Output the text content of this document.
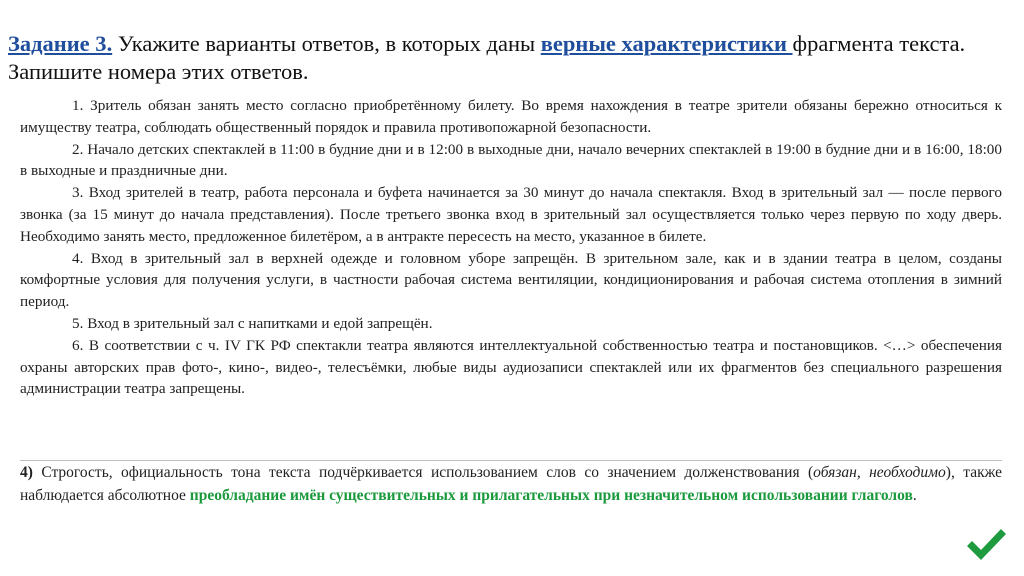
Задание 3. Укажите варианты ответов, в которых даны верные характеристики фрагмента текста. Запишите номера этих ответов.

1. Зритель обязан занять место согласно приобретённому билету. Во время нахождения в театре зрители обязаны бережно относиться к имуществу театра, соблюдать общественный порядок и правила противопожарной безопасности.

2. Начало детских спектаклей в 11:00 в будние дни и в 12:00 в выходные дни, начало вечерних спектаклей в 19:00 в будние дни и в 16:00, 18:00 в выходные и праздничные дни.

3. Вход зрителей в театр, работа персонала и буфета начинается за 30 минут до начала спектакля. Вход в зрительный зал — после первого звонка (за 15 минут до начала представления). После третьего звонка вход в зрительный зал осуществляется только через первую по ходу дверь. Необходимо занять место, предложенное билетёром, а в антракте пересесть на место, указанное в билете.

4. Вход в зрительный зал в верхней одежде и головном уборе запрещён. В зрительном зале, как и в здании театра в целом, созданы комфортные условия для получения услуги, в частности рабочая система вентиляции, кондиционирования и рабочая система отопления в зимний период.

5. Вход в зрительный зал с напитками и едой запрещён.

6. В соответствии с ч. IV ГК РФ спектакли театра являются интеллектуальной собственностью театра и постановщиков. <…> обеспечения охраны авторских прав фото-, кино-, видео-, телесъёмки, любые виды аудиозаписи спектаклей или их фрагментов без специального разрешения администрации театра запрещены.

4) Строгость, официальность тона текста подчёркивается использованием слов со значением долженствования (обязан, необходимо), также наблюдается абсолютное преобладание имён существительных и прилагательных при незначительном использовании глаголов.
